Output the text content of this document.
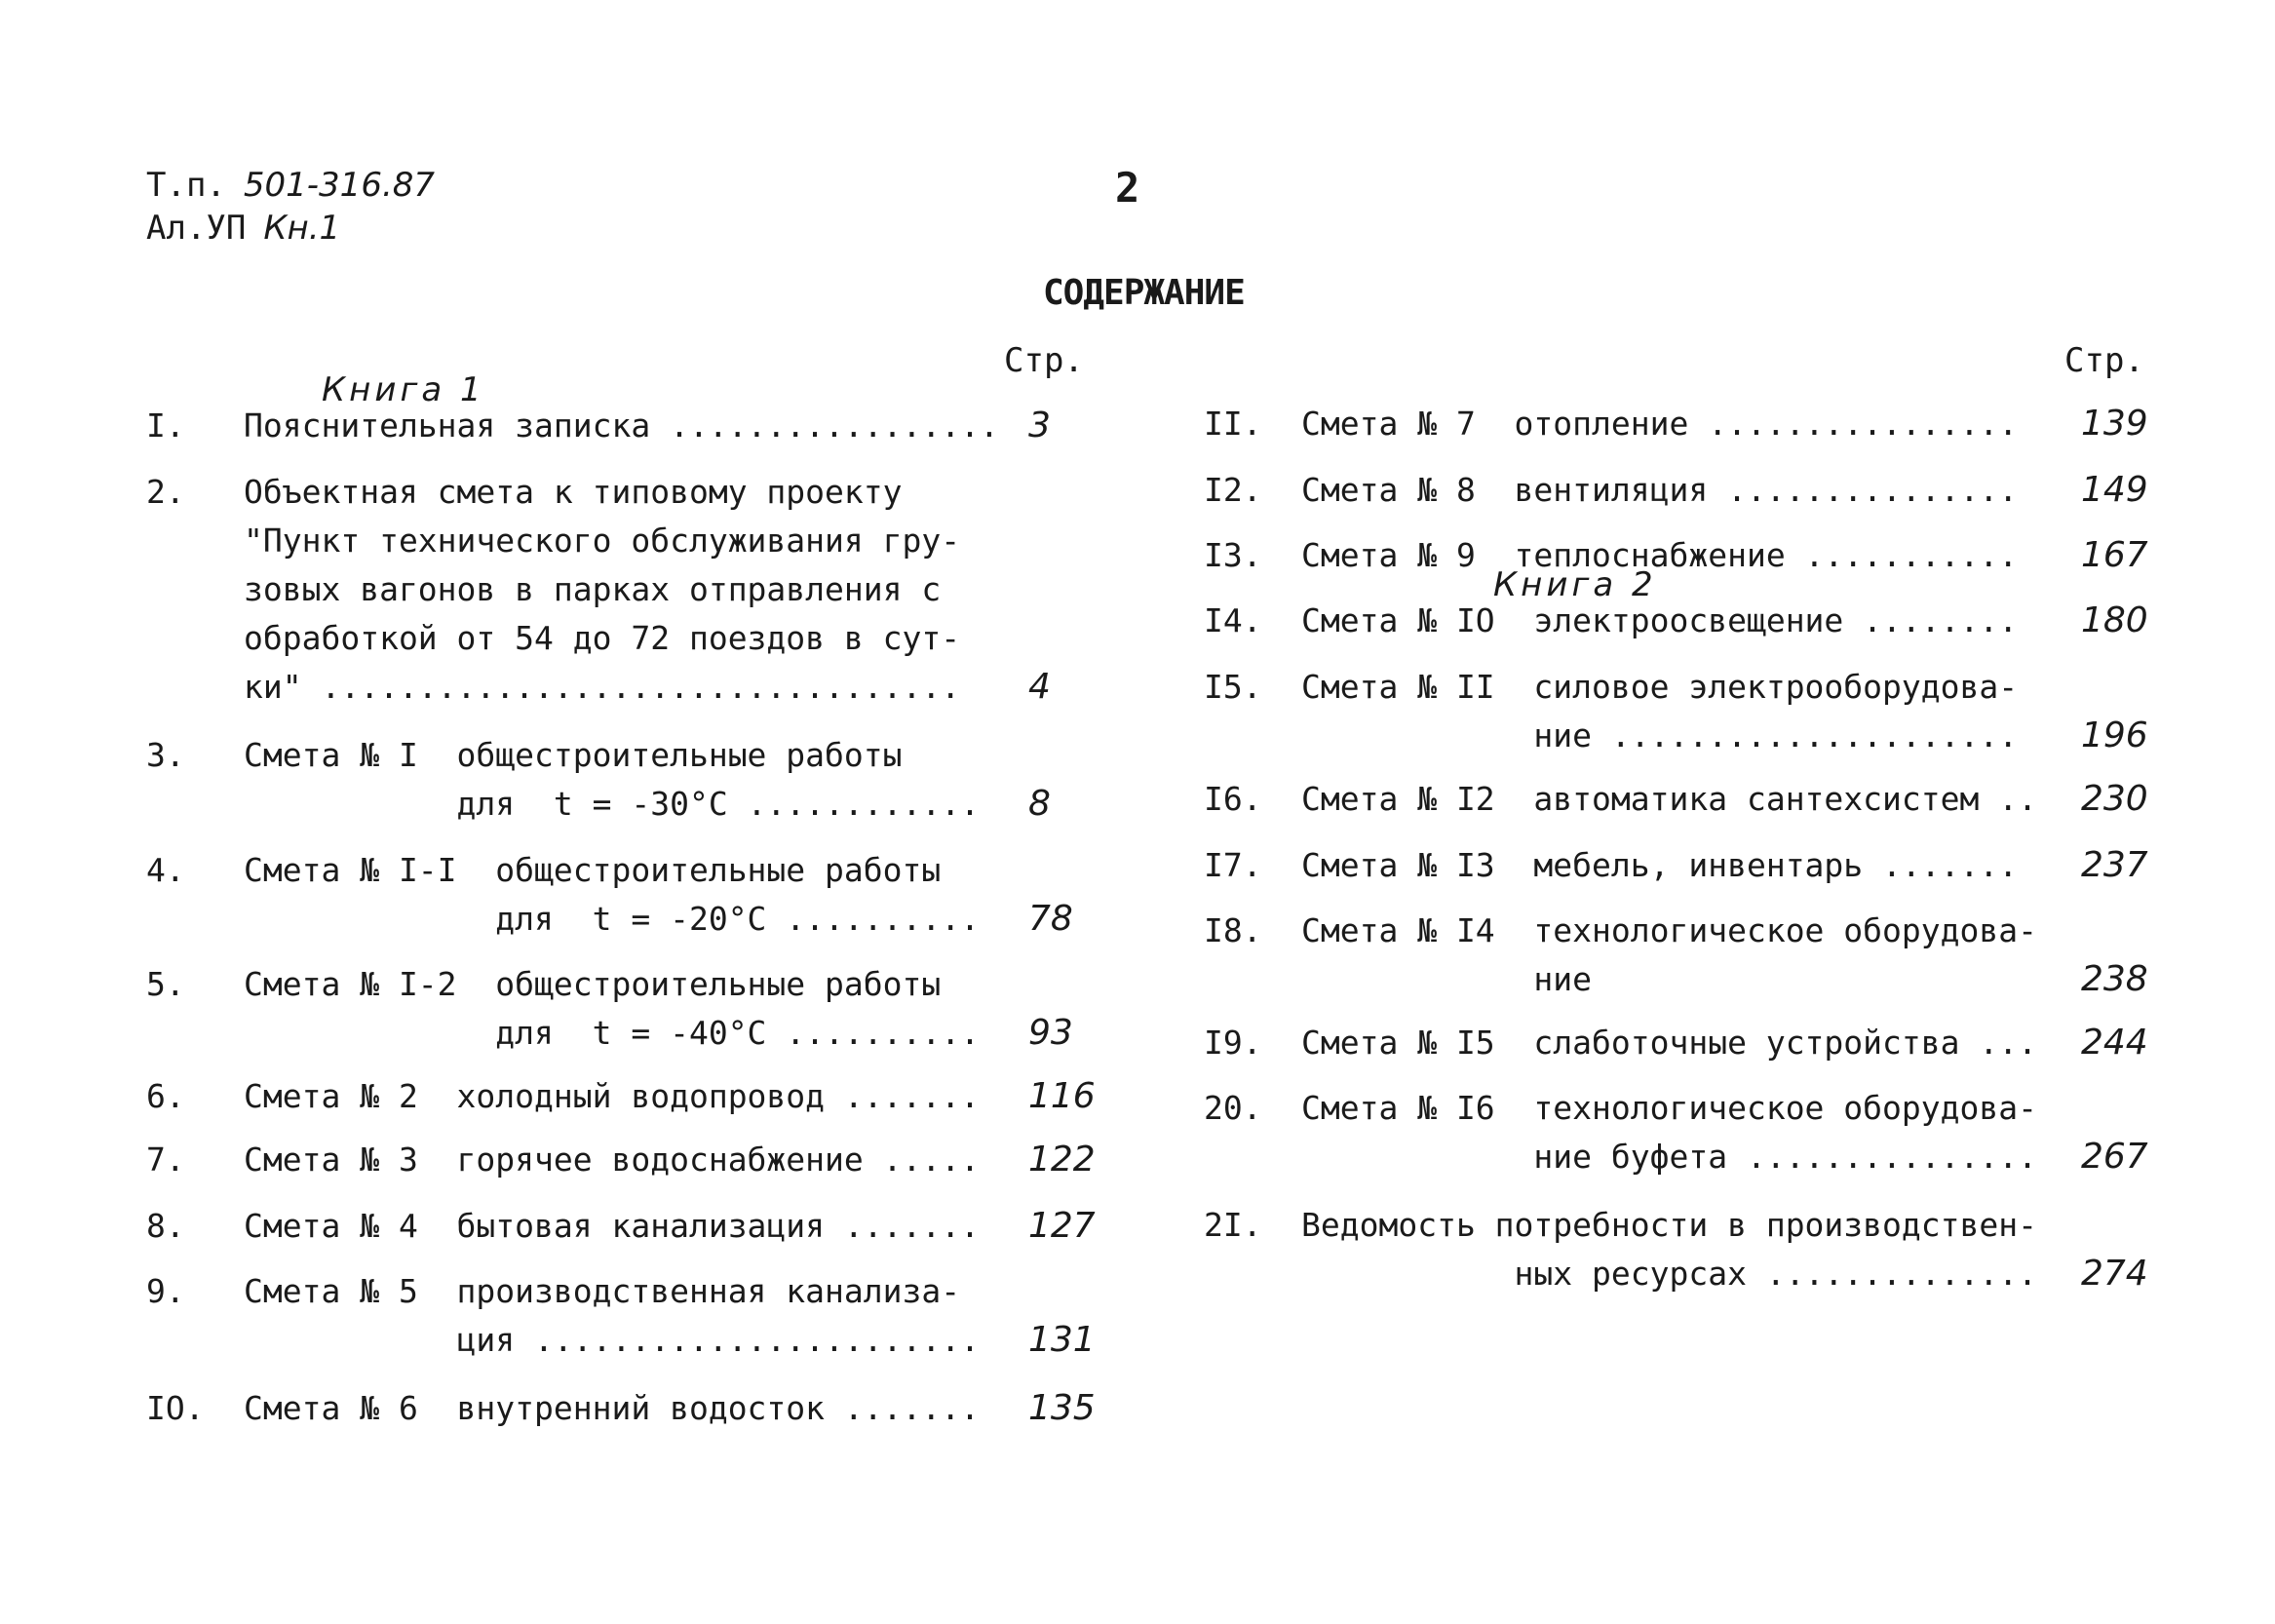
Т.п. 501-316.87
Ал.УП Кн.1
2
СОДЕРЖАНИЕ
Стр.	Стр.
Книга 1
Книга 2
I. Пояснительная записка ................. 3
2. Объектная смета к типовому проекту
"Пункт технического обслуживания гру-
зовых вагонов в парках отправления с
обработкой от 54 до 72 поездов в сут-
ки" ................................. 4
3. Смета № I  общестроительные работы
для  t = -30°C ............ 8
4. Смета № I-I  общестроительные работы
для  t = -20°C .......... 78
5. Смета № I-2  общестроительные работы
для  t = -40°C .......... 93
6. Смета № 2  холодный водопровод ....... 116
7. Смета № 3  горячее водоснабжение ..... 122
8. Смета № 4  бытовая канализация ....... 127
9. Смета № 5  производственная канализа-
ция ....................... 131
IO. Смета № 6  внутренний водосток ....... 135
II. Смета № 7  отопление ................ 139
I2. Смета № 8  вентиляция ............... 149
I3. Смета № 9  теплоснабжение ........... 167
I4. Смета № IO  электроосвещение ........ 180
I5. Смета № II  силовое электрооборудова-
ние ..................... 196
I6. Смета № I2  автоматика сантехсистем .. 230
I7. Смета № I3  мебель, инвентарь ....... 237
I8. Смета № I4  технологическое оборудова-
ние	238
I9. Смета № I5  слаботочные устройства ... 244
20. Смета № I6  технологическое оборудова-
ние буфета ............... 267
2I. Ведомость потребности в производствен-
ных ресурсах .............. 274
